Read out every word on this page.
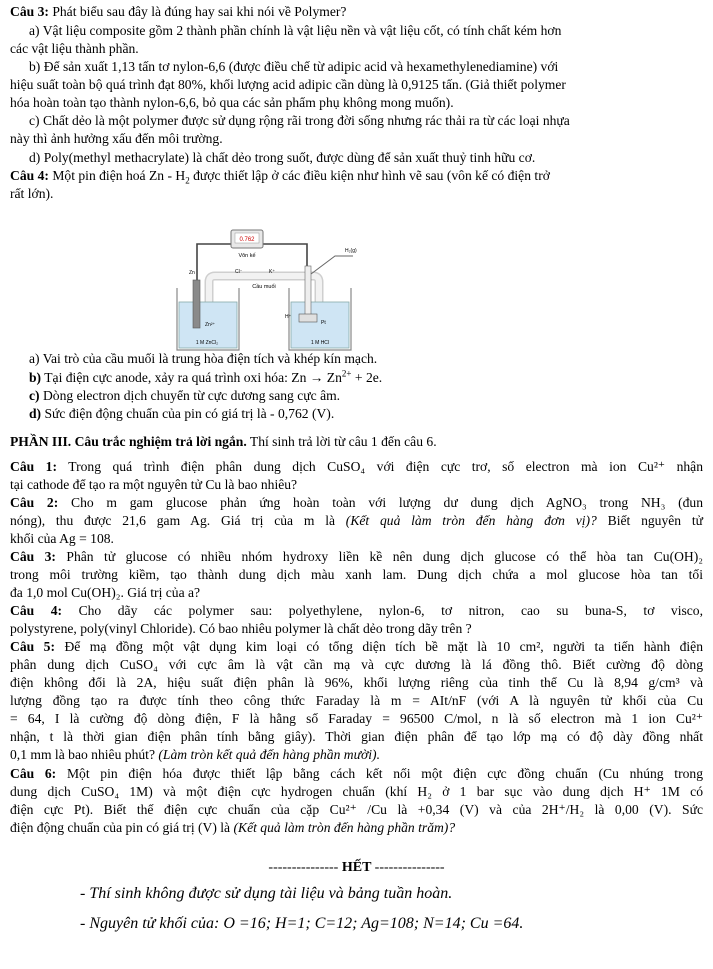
Câu 3: Phát biểu sau đây là đúng hay sai khi nói về Polymer?
a) Vật liệu composite gồm 2 thành phần chính là vật liệu nền và vật liệu cốt, có tính chất kém hơn
các vật liệu thành phần.
b) Để sản xuất 1,13 tấn tơ nylon-6,6 (được điều chế từ adipic acid và hexamethylenediamine) với
hiệu suất toàn bộ quá trình đạt 80%, khối lượng acid adipic cần dùng là 0,9125 tấn. (Giả thiết polymer
hóa hoàn toàn tạo thành nylon-6,6, bỏ qua các sản phẩm phụ không mong muốn).
c) Chất dẻo là một polymer được sử dụng rộng rãi trong đời sống nhưng rác thải ra từ các loại nhựa
này thì ảnh hưởng xấu đến môi trường.
d) Poly(methyl methacrylate) là chất dẻo trong suốt, được dùng để sản xuất thuỷ tinh hữu cơ.
Câu 4: Một pin điện hoá Zn - $H_2$ được thiết lập ở các điều kiện như hình vẽ sau (vôn kế có điện trở
rất lớn).
0.762
Vôn kế
Cầu muối
Cl⁻	K⁺
Zn
Zn²⁺
1 M ZnCl₂
H₂(g)
H⁺
Pt
1 M HCl
a) Vai trò của cầu muối là trung hòa điện tích và khép kín mạch.
b) Tại điện cực anode, xảy ra quá trình oxi hóa: $Zn \to Zn^{2+} + 2e$.
c) Dòng electron dịch chuyển từ cực dương sang cực âm.
d) Sức điện động chuẩn của pin có giá trị là - 0,762 (V).
PHẦN III. Câu trắc nghiệm trả lời ngắn. Thí sinh trả lời từ câu 1 đến câu 6.
Câu 1: Trong quá trình điện phân dung dịch CuSO₄ với điện cực trơ, số electron mà ion Cu²⁺ nhận
tại cathode để tạo ra một nguyên tử Cu là bao nhiêu?
Câu 2: Cho m gam glucose phản ứng hoàn toàn với lượng dư dung dịch AgNO₃ trong NH₃ (đun
nóng), thu được 21,6 gam Ag. Giá trị của m là (Kết quả làm tròn đến hàng đơn vị)? Biết nguyên tử
khối của Ag = 108.
Câu 3: Phân tử glucose có nhiều nhóm hydroxy liền kề nên dung dịch glucose có thể hòa tan Cu(OH)₂
trong môi trường kiềm, tạo thành dung dịch màu xanh lam. Dung dịch chứa a mol glucose hòa tan tối
đa 1,0 mol Cu(OH)₂. Giá trị của a?
Câu 4: Cho dãy các polymer sau: polyethylene, nylon-6, tơ nitron, cao su buna-S, tơ visco,
polystyrene, poly(vinyl Chloride). Có bao nhiêu polymer là chất dẻo trong dãy trên ?
Câu 5: Để mạ đồng một vật dụng kim loại có tổng diện tích bề mặt là 10 cm², người ta tiến hành điện
phân dung dịch CuSO₄ với cực âm là vật cần mạ và cực dương là lá đồng thô. Biết cường độ dòng
điện không đổi là 2A, hiệu suất điện phân là 96%, khối lượng riêng của tinh thể Cu là 8,94 g/cm³ và
lượng đồng tạo ra được tính theo công thức Faraday là m = AIt/nF (với A là nguyên tử khối của Cu
= 64, I là cường độ dòng điện, F là hằng số Faraday = 96500 C/mol, n là số electron mà 1 ion Cu²⁺
nhận, t là thời gian điện phân tính bằng giây). Thời gian điện phân để tạo lớp mạ có độ dày đồng nhất
0,1 mm là bao nhiêu phút? (Làm tròn kết quả đến hàng phần mười).
Câu 6: Một pin điện hóa được thiết lập bằng cách kết nối một điện cực đồng chuẩn (Cu nhúng trong
dung dịch CuSO₄ 1M) và một điện cực hydrogen chuẩn (khí H₂ ở 1 bar sục vào dung dịch H⁺ 1M có
điện cực Pt). Biết thế điện cực chuẩn của cặp Cu²⁺ /Cu là +0,34 (V) và của 2H⁺/H₂ là 0,00 (V). Sức
điện động chuẩn của pin có giá trị (V) là (Kết quả làm tròn đến hàng phần trăm)?
--------------- HẾT ---------------
- Thí sinh không được sử dụng tài liệu và bảng tuần hoàn.
- Nguyên tử khối của: O =16; H=1; C=12; Ag=108; N=14; Cu =64.
